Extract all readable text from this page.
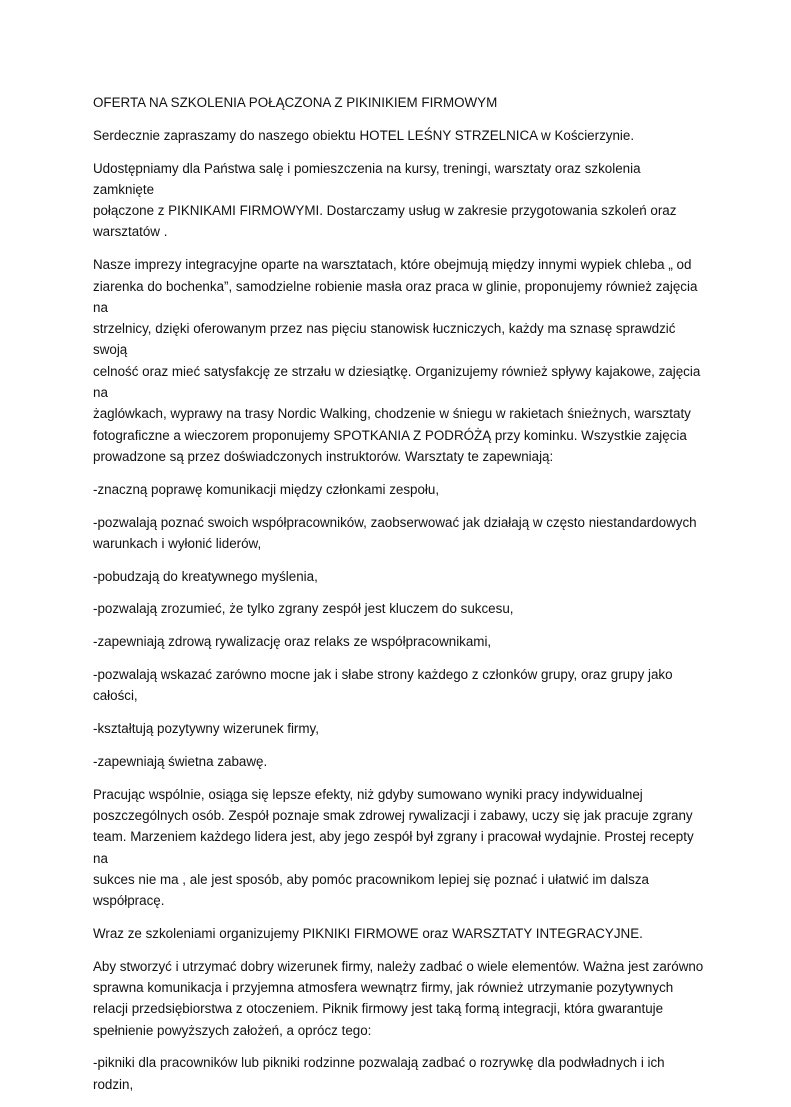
OFERTA NA SZKOLENIA POŁĄCZONA Z PIKINIKIEM FIRMOWYM

Serdecznie zapraszamy do naszego obiektu HOTEL LEŚNY STRZELNICA w Kościerzynie.

Udostępniamy dla Państwa salę i pomieszczenia na kursy, treningi, warsztaty oraz szkolenia zamknięte
połączone z PIKNIKAMI FIRMOWYMI. Dostarczamy usług w zakresie przygotowania szkoleń oraz
warsztatów .

Nasze imprezy integracyjne oparte na warsztatach, które obejmują między innymi wypiek chleba „ od
ziarenka do bochenka”, samodzielne robienie masła oraz praca w glinie, proponujemy również zajęcia na
strzelnicy, dzięki oferowanym przez nas pięciu stanowisk łuczniczych, każdy ma sznasę sprawdzić swoją
celność oraz mieć satysfakcję ze strzału w dziesiątkę. Organizujemy również spływy kajakowe, zajęcia na
żaglówkach, wyprawy na trasy Nordic Walking, chodzenie w śniegu w rakietach śnieżnych, warsztaty
fotograficzne a wieczorem proponujemy SPOTKANIA Z PODRÓŻĄ przy kominku. Wszystkie zajęcia
prowadzone są przez doświadczonych instruktorów. Warsztaty te zapewniają:

-znaczną poprawę komunikacji między członkami zespołu,

-pozwalają poznać swoich współpracowników, zaobserwować jak działają w często niestandardowych
warunkach i wyłonić liderów,

-pobudzają do kreatywnego myślenia,

-pozwalają zrozumieć, że tylko zgrany zespół jest kluczem do sukcesu,

-zapewniają zdrową rywalizację oraz relaks ze współpracownikami,

-pozwalają wskazać zarówno mocne jak i słabe strony każdego z członków grupy, oraz grupy jako całości,

-kształtują pozytywny wizerunek firmy,

-zapewniają świetna zabawę.

Pracując wspólnie, osiąga się lepsze efekty, niż gdyby sumowano wyniki pracy indywidualnej
poszczególnych osób. Zespół poznaje smak zdrowej rywalizacji i zabawy, uczy się jak pracuje zgrany
team. Marzeniem każdego lidera jest, aby jego zespół był zgrany i pracował wydajnie. Prostej recepty na
sukces nie ma , ale jest sposób, aby pomóc pracownikom lepiej się poznać i ułatwić im dalsza
współpracę.

Wraz ze szkoleniami organizujemy PIKNIKI FIRMOWE oraz WARSZTATY INTEGRACYJNE.

Aby stworzyć i utrzymać dobry wizerunek firmy, należy zadbać o wiele elementów. Ważna jest zarówno
sprawna komunikacja i przyjemna atmosfera wewnątrz firmy, jak również utrzymanie pozytywnych
relacji przedsiębiorstwa z otoczeniem. Piknik firmowy jest taką formą integracji, która gwarantuje
spełnienie powyższych założeń, a oprócz tego:

-pikniki dla pracowników lub pikniki rodzinne pozwalają zadbać o rozrywkę dla podwładnych i ich rodzin,
